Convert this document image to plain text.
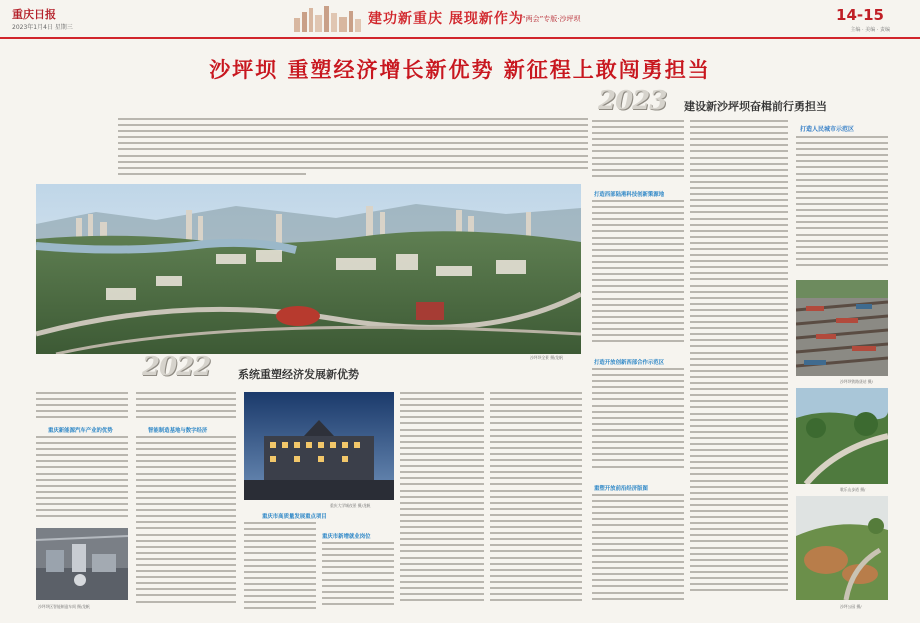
重庆日报
2023年1月4日 星期三
建功新重庆 展现新作为
“两会”专版·沙坪坝	14-15
主编 · 美编 · 责编
沙坪坝 重塑经济增长新优势 新征程上敢闯勇担当
沙坪坝全景 摄/龙帆
2022	系统重塑经济发展新优势
重庆新能源汽车产业的优势
沙坪坝区智能制造车间 摄/龙帆
智能制造基地与数字经济
重庆大学城夜景 摄/龙帆
重庆市高质量发展重点项目
重庆市新增就业岗位
2023 建设新沙坪坝奋楫前行勇担当
打造西部陆港科技创新策源地
打造开放创新西部合作示范区
重塑开放前沿经济版图
打造人民城市示范区
沙坪坝铁路货站 摄/
歌乐山步道 摄/
沙坪公园 摄/
